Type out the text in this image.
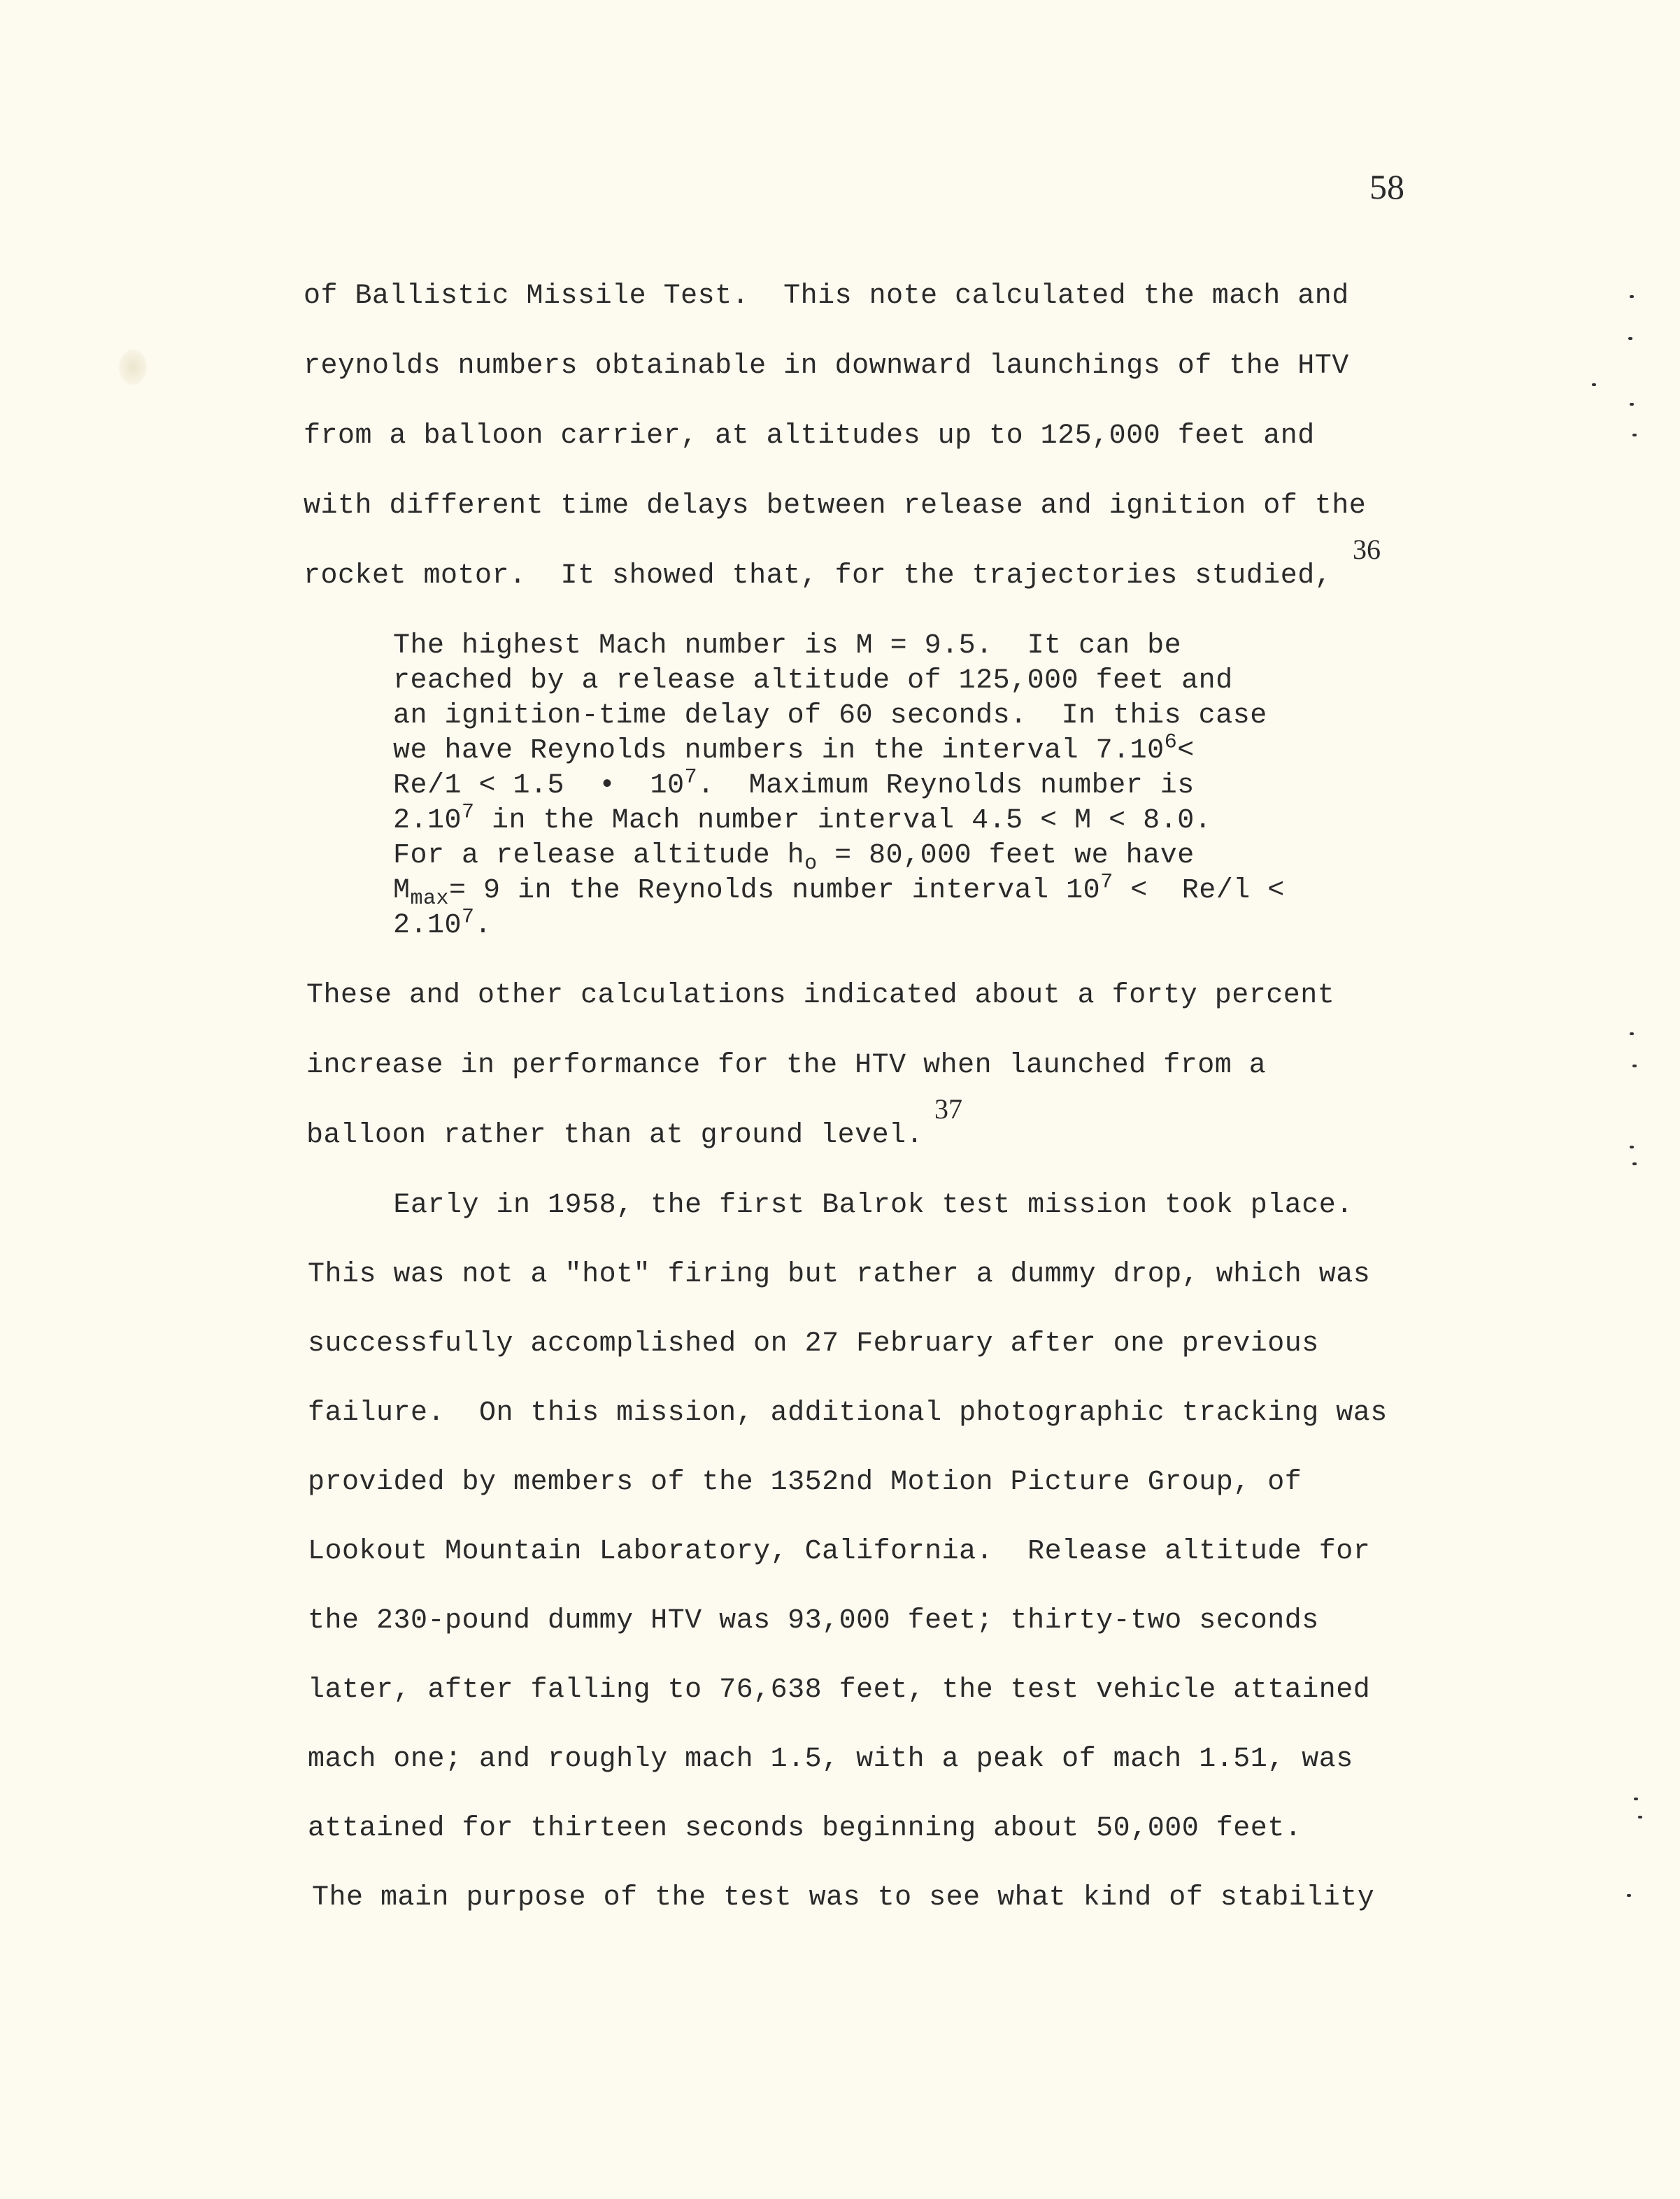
58
of Ballistic Missile Test.  This note calculated the mach and
reynolds numbers obtainable in downward launchings of the HTV
from a balloon carrier, at altitudes up to 125,000 feet and
with different time delays between release and ignition of the
rocket motor.  It showed that, for the trajectories studied,
36
The highest Mach number is M = 9.5.  It can be
reached by a release altitude of 125,000 feet and
an ignition-time delay of 60 seconds.  In this case
we have Reynolds numbers in the interval $7.10^6<$
Re/1 < 1.5  •  $10^7$.  Maximum Reynolds number is
2.10$^7$ in the Mach number interval 4.5 < M < 8.0.
For a release altitude $h_o = 80,000$ feet we have
$M_{max}= 9$ in the Reynolds number interval $10^7 < Re/l$ <
$2.10^7$.
These and other calculations indicated about a forty percent
increase in performance for the HTV when launched from a
balloon rather than at ground level.
37
Early in 1958, the first Balrok test mission took place.
This was not a "hot" firing but rather a dummy drop, which was
successfully accomplished on 27 February after one previous
failure.  On this mission, additional photographic tracking was
provided by members of the 1352nd Motion Picture Group, of
Lookout Mountain Laboratory, California.  Release altitude for
the 230-pound dummy HTV was 93,000 feet; thirty-two seconds
later, after falling to 76,638 feet, the test vehicle attained
mach one; and roughly mach 1.5, with a peak of mach 1.51, was
attained for thirteen seconds beginning about 50,000 feet.
The main purpose of the test was to see what kind of stability
